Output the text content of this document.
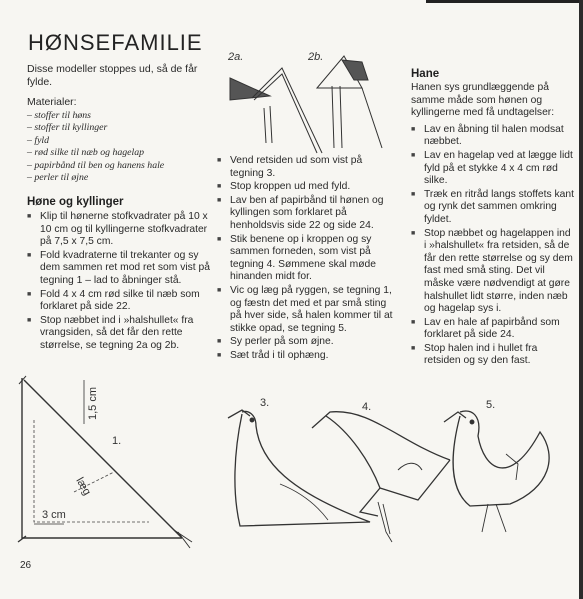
HØNSEFAMILIE
Disse modeller stoppes ud, så de får fylde.
Materialer:
– stoffer til høns
– stoffer til kyllinger
– fyld
– rød silke til næb og hagelap
– papirbånd til ben og hanens hale
– perler til øjne
Høne og kyllinger
■ Klip til hønerne stofkvadrater på 10 x 10 cm og til kyllingerne stofkvadrater på 7,5 x 7,5 cm.
■ Fold kvadraterne til trekanter og sy dem sammen ret mod ret som vist på tegning 1 – lad to åbninger stå.
■ Fold 4 x 4 cm rød silke til næb som forklaret på side 22.
■ Stop næbbet ind i »halshullet« fra vrangsiden, så det får den rette størrelse, se tegning 2a og 2b.
■ Vend retsiden ud som vist på tegning 3.
■ Stop kroppen ud med fyld.
■ Lav ben af papirbånd til hønen og kyllingen som forklaret på henholdsvis side 22 og side 24.
■ Stik benene op i kroppen og sy sammen forneden, som vist på tegning 4. Sømmene skal møde hinanden midt for.
■ Vic og læg på ryggen, se tegning 1, og fæstn det med et par små sting på hver side, så halen kommer til at stikke opad, se tegning 5.
■ Sy perler på som øjne.
■ Sæt tråd i til ophæng.
Hane
Hanen sys grundlæggende på samme måde som hønen og kyllingerne med få undtagelser:
■ Lav en åbning til halen modsat næbbet.
■ Lav en hagelap ved at lægge lidt fyld på et stykke 4 x 4 cm rød silke.
■ Træk en ritråd langs stoffets kant og rynk det sammen omkring fyldet.
■ Stop næbbet og hagelappen ind i »halshullet« fra retsiden, så de får den rette størrelse og sy dem fast med små sting. Det vil måske være nødvendigt at gøre halshullet lidt større, inden næb og hagelap sys i.
■ Lav en hale af papirbånd som forklaret på side 24.
■ Stop halen ind i hullet fra retsiden og sy den fast.
2a.	2b.
1,5 cm
3 cm
læg
1.
3.	4.	5.
26
